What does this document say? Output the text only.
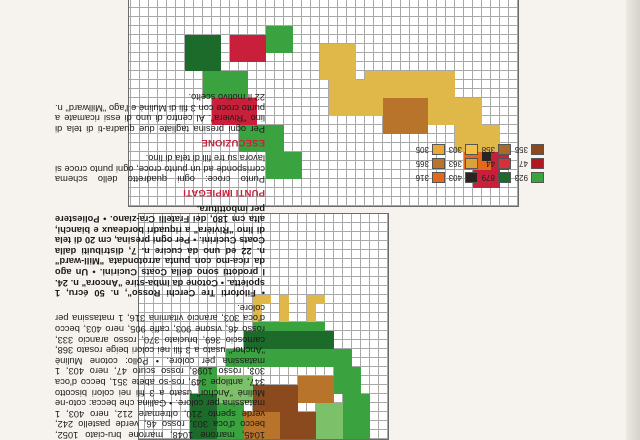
923
879
403
316
47
44
363
365
355
358
303
305

1045, marrone 1048, marrone bru-ciato 1052, becco d'oca 303, rosso 46, verde pastello 242, verde spento 210, oltremare 212, nero 403, 1 matassina per colore. • Gallina che becca: coto-ne Mulinè "Anchor" usato a 3 fili nei colori biscotto 347, antilope 349, ros-so abete 351, becco d'oca 303, rosso 1098, rosso scuro 47, nero 403, 1 matassina per colore. • Pollo: cotone Mulinè "Anchor" usato a 3 fili nei colori beige rosato 368, camoscio 369, bruciato 370, rosso arancio 333, rosso 46, visone 903, caffè 905, nero 403, becco d'oca 303, arancio vitamina 316, 1 matassina per colore.

• Filoforti Tre Cerchi Rosso", n. 50 écru, 1 spoletta. • Cotone da imba-stire "Ancora" n. 24. I prodotti sono della Coats Cucirini. • Un ago da rica-mo con punta arrotondata "Mill-ward" n. 22 ed uno da cucire n. 7, distribuiti dalla Coats Cucirini. • Per ogni presina, cm 20 di tela di lino "Rivièra" a riquadri bordeaux e bianchi, alta cm 180, dei Fratelli Cra-ziano. • Poliestere per imbottitura.

PUNTI IMPIEGATI

Punto croce: ogni quadretto dello schema corrisponde ad un punto croce, ogni punto croce si lavora su tre fili di tela di lino.

ESECUZIONE

Per ogni presina tagliate due quadra-ti di tela di lino "Riviera". Al centro di uno di essi ricamate a punto croce con 3 fili di Mulinè e l'ago "Millward" n. 22 il motivo scelto.
